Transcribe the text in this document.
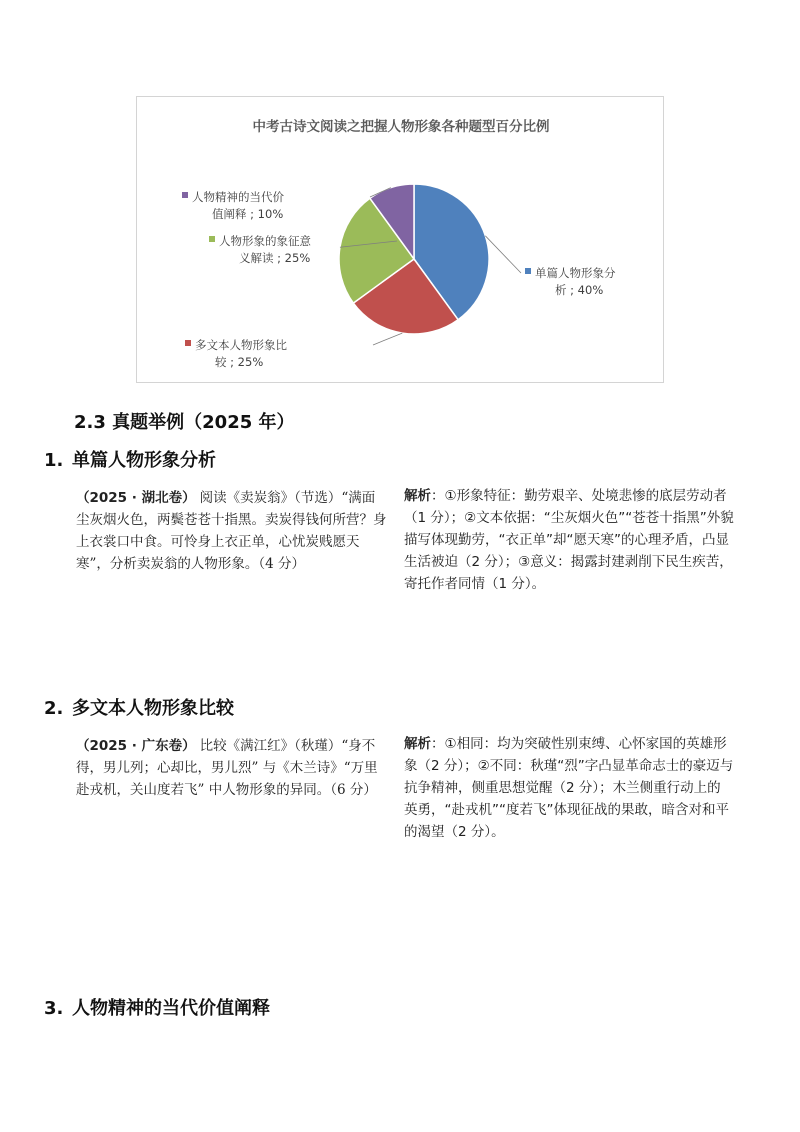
中考古诗文阅读之把握人物形象各种题型百分比例
单篇人物形象分
析 ; 40%
多文本人物形象比
较 ; 25%
人物形象的象征意
义解读 ; 25%
人物精神的当代价
值阐释 ; 10%
2.3 真题举例（2025 年）
1. 单篇人物形象分析
（2025 · 湖北卷） 阅读《卖炭翁》（节选）“满面尘灰烟火色，两鬓苍苍十指黑。卖炭得钱何所营？身上衣裳口中食。可怜身上衣正单，心忧炭贱愿天寒”，分析卖炭翁的人物形象。（4 分）
解析：①形象特征：勤劳艰辛、处境悲惨的底层劳动者（1 分）；②文本依据：“尘灰烟火色”“苍苍十指黑”外貌描写体现勤劳，“衣正单”却“愿天寒”的心理矛盾，凸显生活被迫（2 分）；③意义：揭露封建剥削下民生疾苦，寄托作者同情（1 分）。
2. 多文本人物形象比较
（2025 · 广东卷） 比较《满江红》（秋瑾）“身不得，男儿列；心却比，男儿烈” 与《木兰诗》“万里赴戎机，关山度若飞” 中人物形象的异同。（6 分）
解析：①相同：均为突破性别束缚、心怀家国的英雄形象（2 分）；②不同：秋瑾“烈”字凸显革命志士的豪迈与抗争精神，侧重思想觉醒（2 分）；木兰侧重行动上的英勇，“赴戎机”“度若飞”体现征战的果敢，暗含对和平的渴望（2 分）。
3. 人物精神的当代价值阐释
